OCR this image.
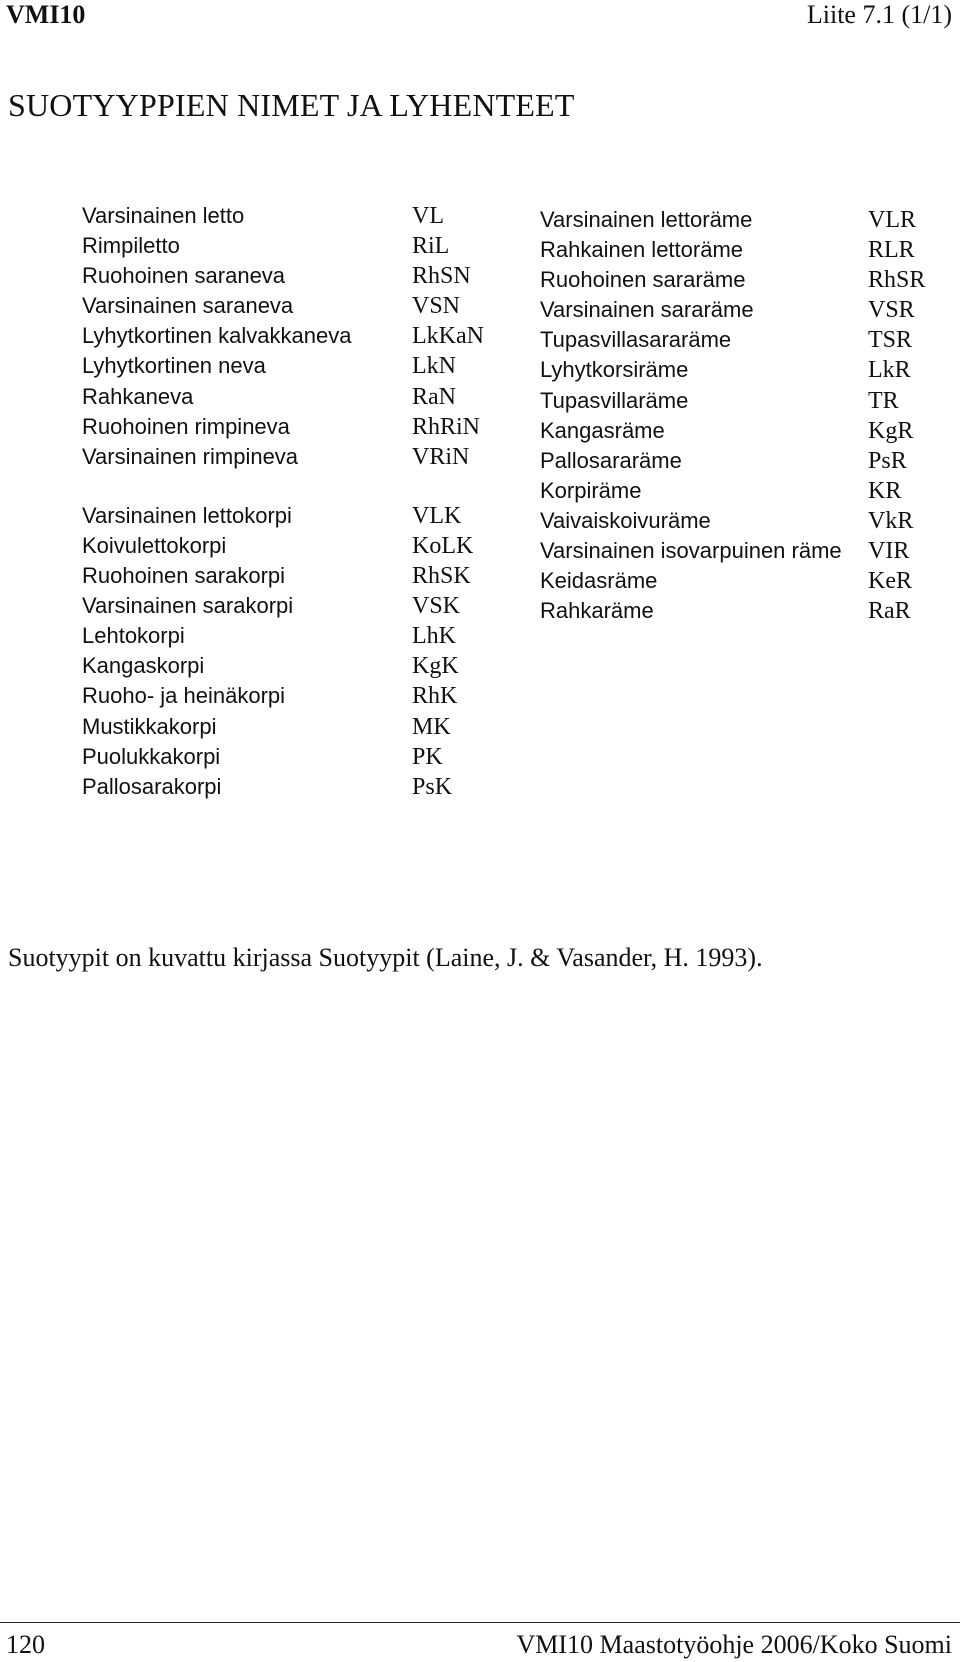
VMI10	Liite 7.1 (1/1)
SUOTYYPPIEN NIMET JA LYHENTEET
Varsinainen letto	VL
Rimpiletto	RiL
Ruohoinen saraneva	RhSN
Varsinainen saraneva	VSN
Lyhytkortinen kalvakkaneva	LkKaN
Lyhytkortinen neva	LkN
Rahkaneva	RaN
Ruohoinen rimpineva	RhRiN
Varsinainen rimpineva	VRiN
Varsinainen lettokorpi	VLK
Koivulettokorpi	KoLK
Ruohoinen sarakorpi	RhSK
Varsinainen sarakorpi	VSK
Lehtokorpi	LhK
Kangaskorpi	KgK
Ruoho- ja heinäkorpi	RhK
Mustikkakorpi	MK
Puolukkakorpi	PK
Pallosarakorpi	PsK
Varsinainen lettoräme	VLR
Rahkainen lettoräme	RLR
Ruohoinen sararäme	RhSR
Varsinainen sararäme	VSR
Tupasvillasararäme	TSR
Lyhytkorsiräme	LkR
Tupasvillaräme	TR
Kangasräme	KgR
Pallosararäme	PsR
Korpiräme	KR
Vaivaiskoivuräme	VkR
Varsinainen isovarpuinen räme VIR
Keidasräme	KeR
Rahkaräme	RaR
Suotyypit on kuvattu kirjassa Suotyypit (Laine, J. & Vasander, H. 1993).
120	VMI10 Maastotyöohje 2006/Koko Suomi
